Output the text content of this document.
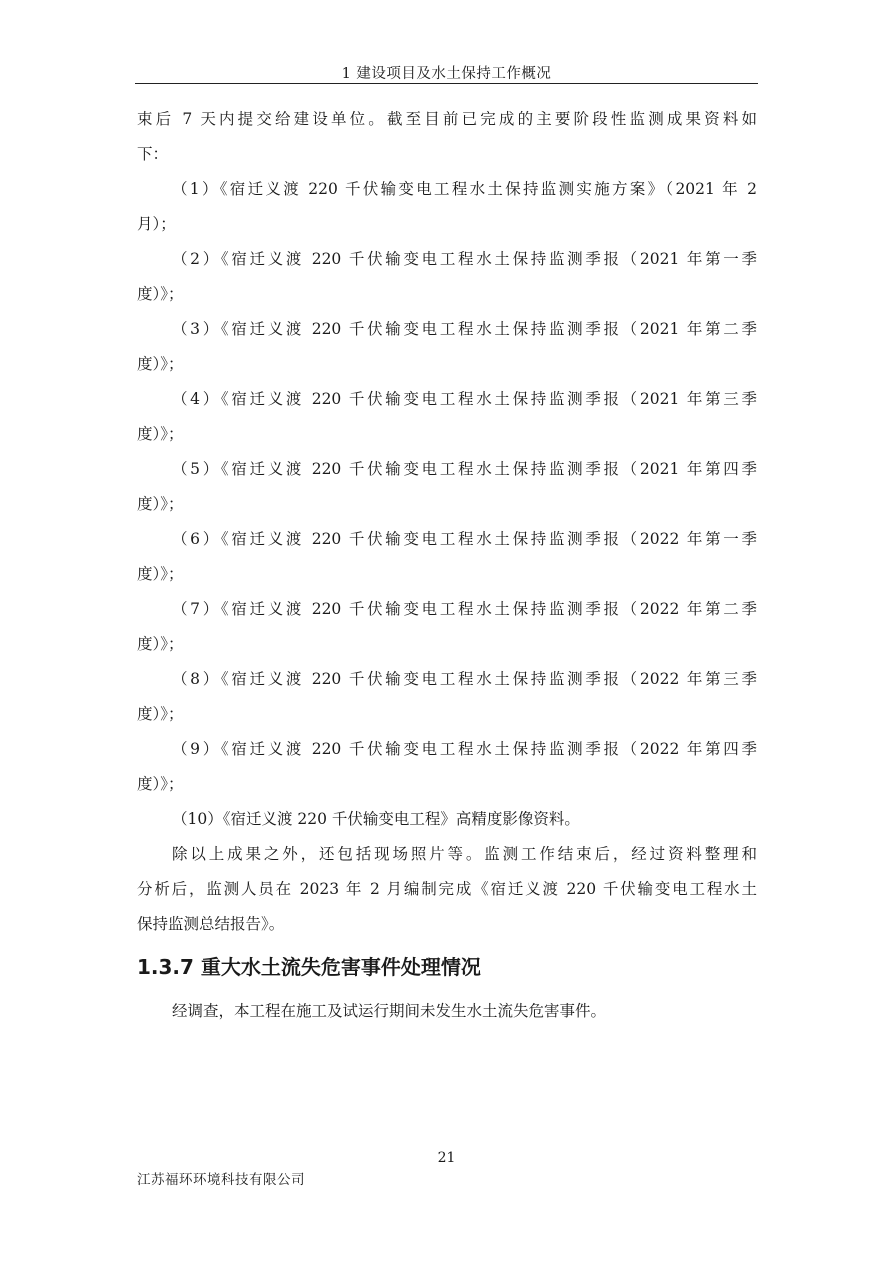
1 建设项目及水土保持工作概况
束后 7 天内提交给建设单位。截至目前已完成的主要阶段性监测成果资料如
下：
（1）《宿迁义渡 220 千伏输变电工程水土保持监测实施方案》（2021 年 2
月）；
（2）《宿迁义渡 220 千伏输变电工程水土保持监测季报（2021 年第一季
度）》；
（3）《宿迁义渡 220 千伏输变电工程水土保持监测季报（2021 年第二季
度）》；
（4）《宿迁义渡 220 千伏输变电工程水土保持监测季报（2021 年第三季
度）》；
（5）《宿迁义渡 220 千伏输变电工程水土保持监测季报（2021 年第四季
度）》；
（6）《宿迁义渡 220 千伏输变电工程水土保持监测季报（2022 年第一季
度）》；
（7）《宿迁义渡 220 千伏输变电工程水土保持监测季报（2022 年第二季
度）》；
（8）《宿迁义渡 220 千伏输变电工程水土保持监测季报（2022 年第三季
度）》；
（9）《宿迁义渡 220 千伏输变电工程水土保持监测季报（2022 年第四季
度）》；
（10）《宿迁义渡 220 千伏输变电工程》高精度影像资料。
除以上成果之外，还包括现场照片等。监测工作结束后，经过资料整理和
分析后，监测人员在 2023 年 2 月编制完成《宿迁义渡 220 千伏输变电工程水土
保持监测总结报告》。
1.3.7 重大水土流失危害事件处理情况
经调查，本工程在施工及试运行期间未发生水土流失危害事件。
21
江苏福环环境科技有限公司
